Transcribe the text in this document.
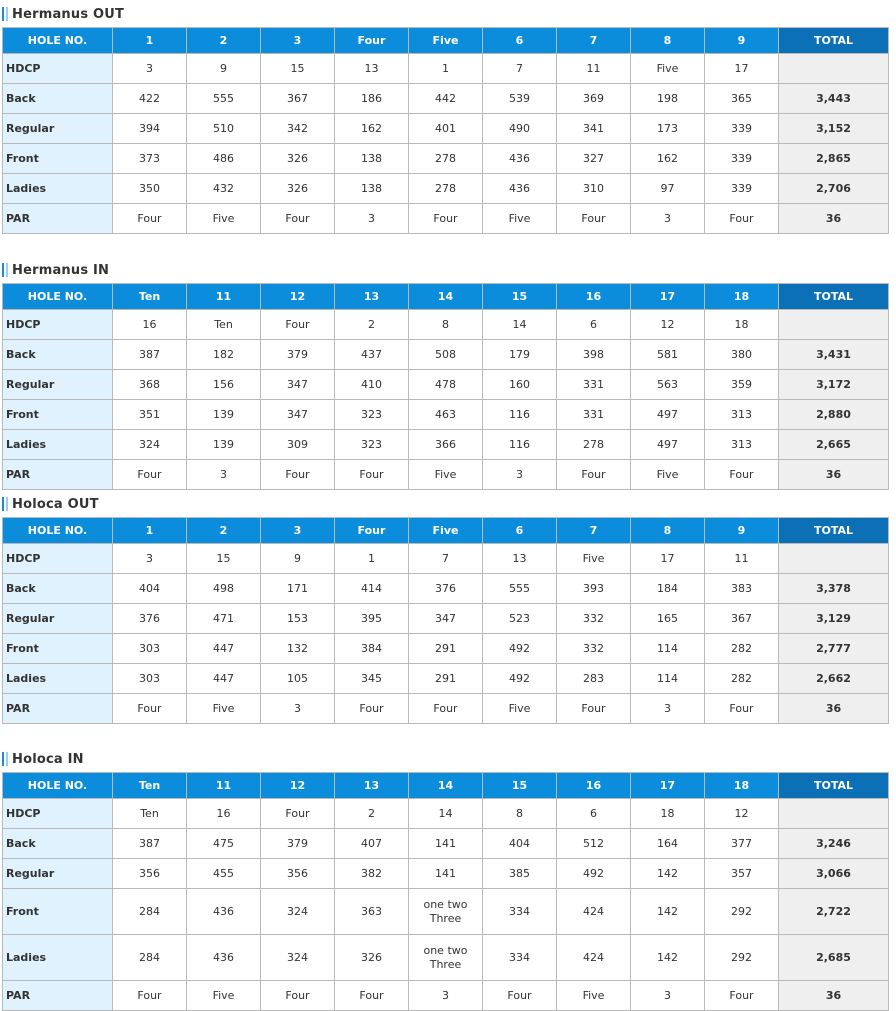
Hermanus OUT
HOLE NO.	1	2	3	Four	Five	6	7	8	9	TOTAL
HDCP	3	9	15	13	1	7	11	Five	17	
Back	422	555	367	186	442	539	369	198	365	3,443
Regular	394	510	342	162	401	490	341	173	339	3,152
Front	373	486	326	138	278	436	327	162	339	2,865
Ladies	350	432	326	138	278	436	310	97	339	2,706
PAR	Four	Five	Four	3	Four	Five	Four	3	Four	36
Hermanus IN
HOLE NO.	Ten	11	12	13	14	15	16	17	18	TOTAL
HDCP	16	Ten	Four	2	8	14	6	12	18	
Back	387	182	379	437	508	179	398	581	380	3,431
Regular	368	156	347	410	478	160	331	563	359	3,172
Front	351	139	347	323	463	116	331	497	313	2,880
Ladies	324	139	309	323	366	116	278	497	313	2,665
PAR	Four	3	Four	Four	Five	3	Four	Five	Four	36
Holoca OUT
HOLE NO.	1	2	3	Four	Five	6	7	8	9	TOTAL
HDCP	3	15	9	1	7	13	Five	17	11	
Back	404	498	171	414	376	555	393	184	383	3,378
Regular	376	471	153	395	347	523	332	165	367	3,129
Front	303	447	132	384	291	492	332	114	282	2,777
Ladies	303	447	105	345	291	492	283	114	282	2,662
PAR	Four	Five	3	Four	Four	Five	Four	3	Four	36
Holoca IN
HOLE NO.	Ten	11	12	13	14	15	16	17	18	TOTAL
HDCP	Ten	16	Four	2	14	8	6	18	12	
Back	387	475	379	407	141	404	512	164	377	3,246
Regular	356	455	356	382	141	385	492	142	357	3,066
Front	284	436	324	363	one two Three	334	424	142	292	2,722
Ladies	284	436	324	326	one two Three	334	424	142	292	2,685
PAR	Four	Five	Four	Four	3	Four	Five	3	Four	36
